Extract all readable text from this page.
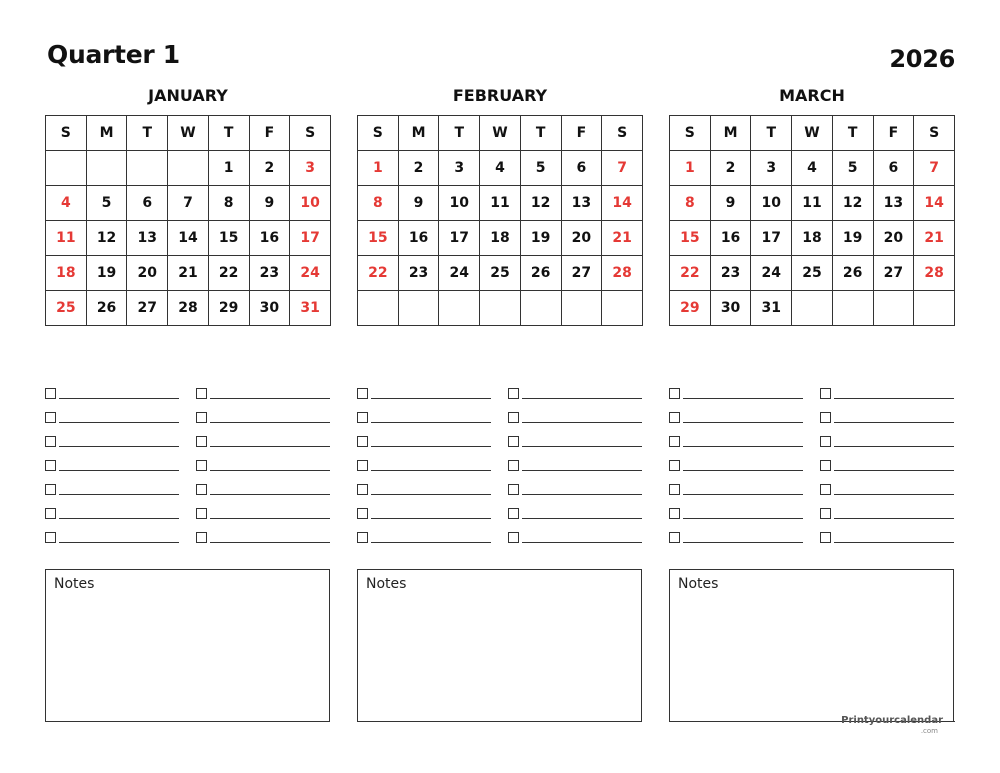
Quarter 1	2026
JANUARY
S	M	T	W	T	F	S
				1	2	3
4	5	6	7	8	9	10
11	12	13	14	15	16	17
18	19	20	21	22	23	24
25	26	27	28	29	30	31
Notes
FEBRUARY
S	M	T	W	T	F	S
1	2	3	4	5	6	7
8	9	10	11	12	13	14
15	16	17	18	19	20	21
22	23	24	25	26	27	28

Notes
MARCH
S	M	T	W	T	F	S
1	2	3	4	5	6	7
8	9	10	11	12	13	14
15	16	17	18	19	20	21
22	23	24	25	26	27	28
29	30	31				
Notes
Printyourcalendar
.com
